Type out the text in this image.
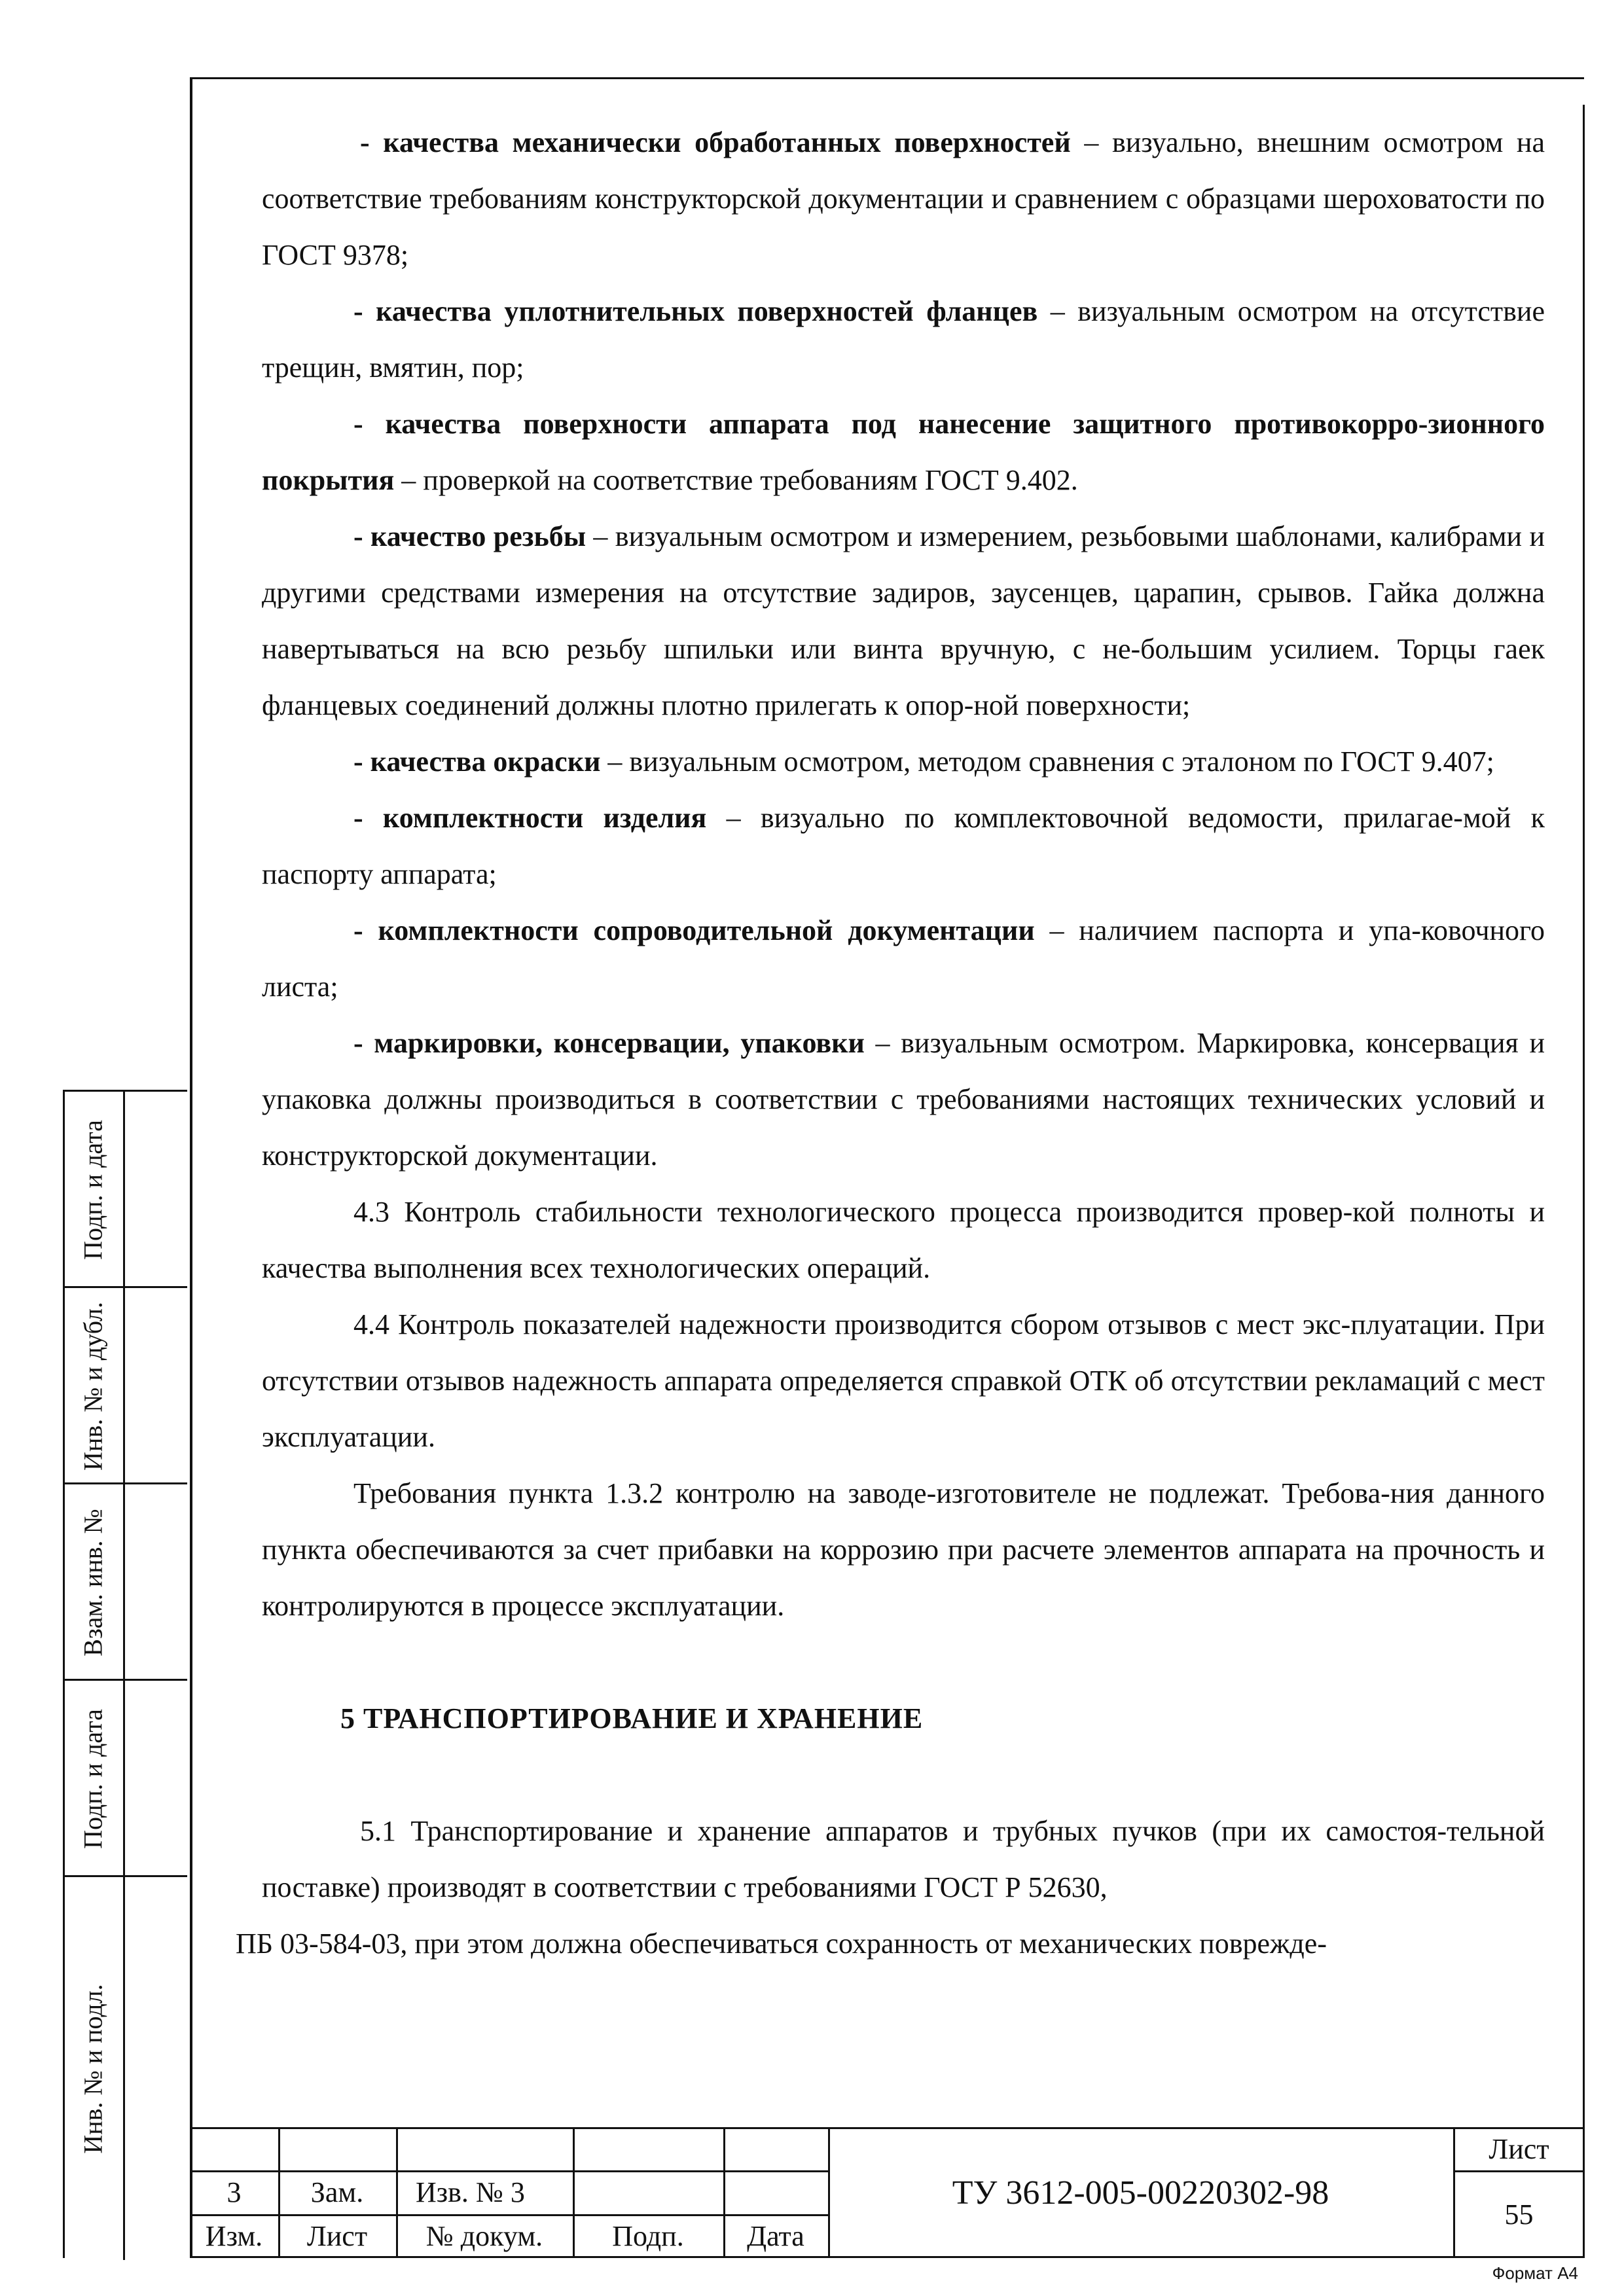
- качества механически обработанных поверхностей – визуально, внешним осмотром на соответствие требованиям конструкторской документации и сравнением с образцами шероховатости по ГОСТ 9378;

- качества уплотнительных поверхностей фланцев – визуальным осмотром на отсутствие трещин, вмятин, пор;

- качества поверхности аппарата под нанесение защитного противокорро-зионного покрытия – проверкой на соответствие требованиям ГОСТ 9.402.

- качество резьбы – визуальным осмотром и измерением, резьбовыми шаблонами, калибрами и другими средствами измерения на отсутствие задиров, заусенцев, царапин, срывов. Гайка должна навертываться на всю резьбу шпильки или винта вручную, с не-большим усилием. Торцы гаек фланцевых соединений должны плотно прилегать к опор-ной поверхности;

- качества окраски – визуальным осмотром, методом сравнения с эталоном по ГОСТ 9.407;

- комплектности изделия – визуально по комплектовочной ведомости, прилагае-мой к паспорту аппарата;

- комплектности сопроводительной документации – наличием паспорта и упа-ковочного листа;

- маркировки, консервации, упаковки – визуальным осмотром. Маркировка, консервация и упаковка должны производиться в соответствии с требованиями настоящих технических условий и конструкторской документации.

4.3 Контроль стабильности технологического процесса производится провер-кой полноты и качества выполнения всех технологических операций.

4.4 Контроль показателей надежности производится сбором отзывов с мест экс-плуатации. При отсутствии отзывов надежность аппарата определяется справкой ОТК об отсутствии рекламаций с мест эксплуатации.

Требования пункта 1.3.2 контролю на заводе-изготовителе не подлежат. Требова-ния данного пункта обеспечиваются за счет прибавки на коррозию при расчете элементов аппарата на прочность и контролируются в процессе эксплуатации.

5 ТРАНСПОРТИРОВАНИЕ И ХРАНЕНИЕ

5.1 Транспортирование и хранение аппаратов и трубных пучков (при их самостоя-тельной поставке) производят в соответствии с требованиями ГОСТ Р 52630,

ПБ 03-584-03, при этом должна обеспечиваться сохранность от механических поврежде-

Подп. и дата
Инв. № и дубл.
Взам. инв. №
Подп. и дата
Инв. № и подл.
3	Зам.	Изв. № 3
Изм.	Лист	№ докум.	Подп.	Дата
ТУ 3612-005-00220302-98
Лист
55
Формат А4
